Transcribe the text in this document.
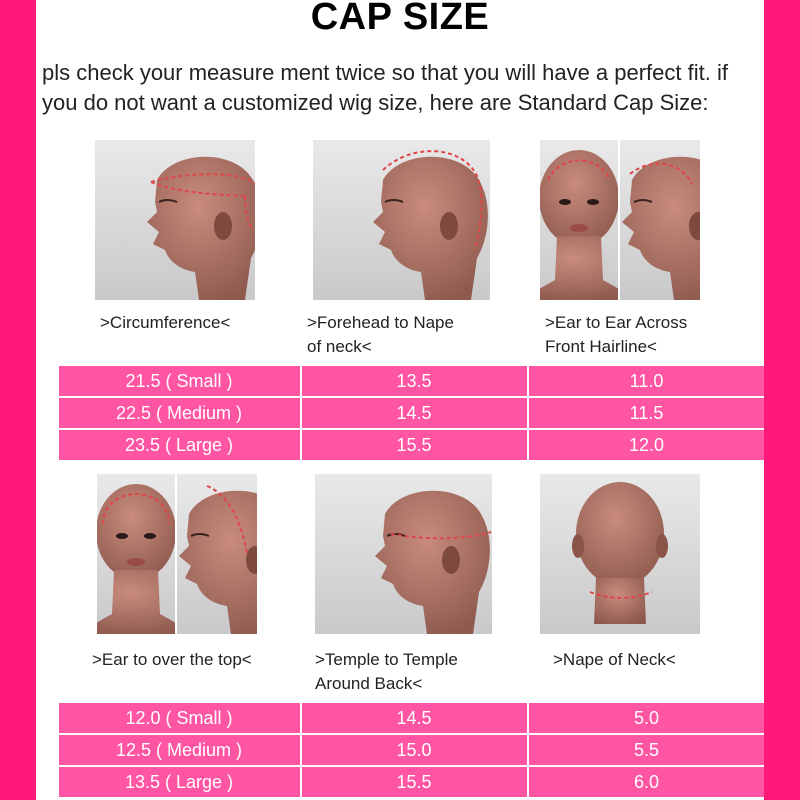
CAP SIZE
pls check your measure ment twice so that you will have a perfect fit. if
you do not want a customized wig size, here are Standard Cap Size:
>Circumference<	>Forehead to Nape
of neck<
>Ear to Ear Across
Front Hairline<
21.5 ( Small )	13.5	11.0
22.5 ( Medium )	14.5	11.5
23.5 ( Large )	15.5	12.0
>Ear to over the top<	>Temple to Temple
Around Back<
>Nape of Neck<
12.0 ( Small )	14.5	5.0
12.5 ( Medium )	15.0	5.5
13.5 ( Large )	15.5	6.0
